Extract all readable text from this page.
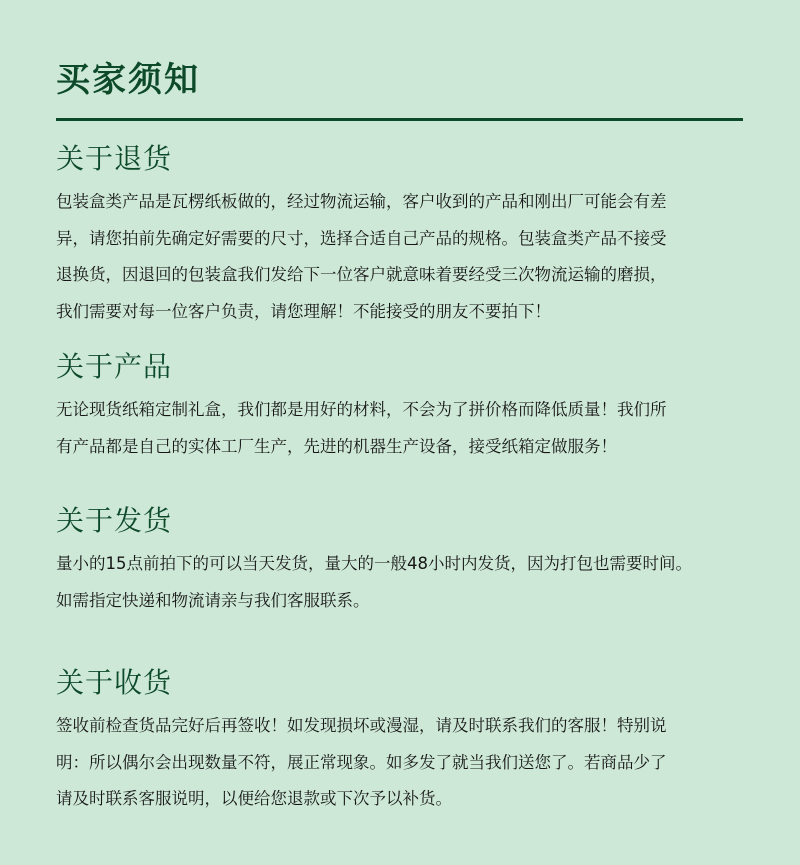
买家须知
关于退货
包装盒类产品是瓦楞纸板做的，经过物流运输，客户收到的产品和刚出厂可能会有差
异，请您拍前先确定好需要的尺寸，选择合适自己产品的规格。包装盒类产品不接受
退换货，因退回的包装盒我们发给下一位客户就意味着要经受三次物流运输的磨损，
我们需要对每一位客户负责，请您理解！不能接受的朋友不要拍下！
关于产品
无论现货纸箱定制礼盒，我们都是用好的材料，不会为了拼价格而降低质量！我们所
有产品都是自己的实体工厂生产，先进的机器生产设备，接受纸箱定做服务！
关于发货
量小的15点前拍下的可以当天发货，量大的一般48小时内发货，因为打包也需要时间。
如需指定快递和物流请亲与我们客服联系。
关于收货
签收前检查货品完好后再签收！如发现损坏或漫湿，请及时联系我们的客服！特别说
明：所以偶尔会出现数量不符，展正常现象。如多发了就当我们送您了。若商品少了
请及时联系客服说明，以便给您退款或下次予以补货。
